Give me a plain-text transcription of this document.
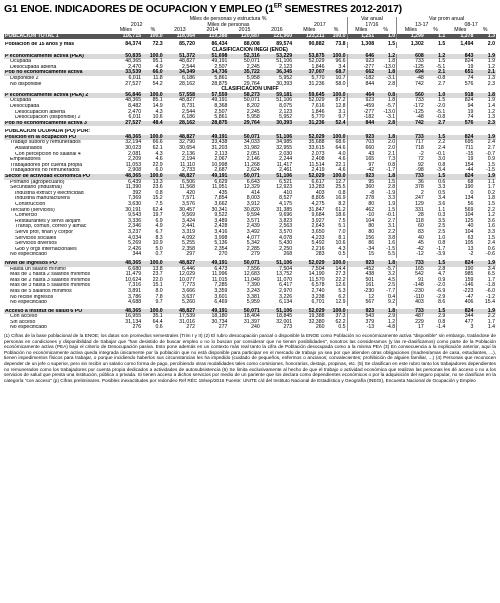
G1 ENOE. INDICADORES DE OCUPACION Y EMPLEO (1ER SEMESTRES 2012-2017)
	Miles de personas y estructura %								Var anual		Var prom anual			
	2012		Miles de personas				2017		17/16		13-17		08-17	
	Miles	%	2013	2014	2015	2016	Miles	%	Miles	%	Miles	%	Miles	%
POBLACION TOTAL 1	116,715	100.0	118,064	119,388	120,687	121,960	123,211	100.0	1,251	1.0	1,299	1.1	1,378	1.3

Población de 15 años y más	84,374	72.3	85,720	86,434	88,008	89,574	90,882	73.8	1,308	1.5	1,302	1.5	1,494	2.0
CLASIFICACION INEGI (ENOE)														
P económicamente activa (PEA)	50,835	100.0	51,372	51,698	52,316	53,229	53,875	100.0	646	1.2	608	1.2	843	1.9
Ocupada	48,365	95.1	48,827	49,191	50,071	51,106	52,029	96.6	923	1.8	733	1.5	824	1.9
Desocupada abierta	2,470	4.9	2,544	2,507	2,245	2,123	1,846	3.4	-277	-13.0	-125	-5.1	19	1.2
Pob no económicamente activa	33,539	66.0	34,349	34,736	35,722	36,345	37,007	68.7	662	1.8	694	2.1	651	2.1
Disponible 2	6,011	11.8	6,186	5,861	5,958	5,952	5,770	10.7	-182	-3.1	-48	-0.8	74	1.3
No disponible	27,527	54.2	28,162	28,875	29,764	30,393	31,236	58.0	844	2.8	742	2.7	576	2.3
CLASIFICACION UNIFF														
P económicamente activa (PEA) 2	56,846	100.0	57,558	57,559	58,273	59,181	59,645	100.0	464	0.8	560	1.0	918	1.8
Ocupada	48,365	85.1	48,827	49,191	50,071	51,106	52,029	87.2	923	1.8	733	1.5	824	1.9
Desocupada	8,482	14.9	8,731	8,368	8,202	8,075	7,616	12.8	-459	-5.7	-172	-2.0	94	1.4
Desocupación abierta	2,470	4.3	2,544	2,507	2,245	2,123	1,846	3.1	-277	-13.0	-125	-5.1	19	1.2
Desocupación (disponible) 2	6,011	10.6	6,186	5,861	5,958	5,952	5,770	9.7	-182	-3.1	-48	-0.8	74	1.3
Pob no económicamente activa 3	27,527	48.4	28,162	28,875	29,764	30,393	31,236	52.4	844	2.8	742	2.7	576	2.3

POBLACION OCUPADA (PO) POR:														
Posición en la ocupación PO	48,365	100.0	48,827	49,191	50,071	51,106	52,029	100.0	923	1.8	733	1.5	824	1.9
Trabajo subord y remunerados	32,194	66.6	32,790	33,438	34,033	34,985	35,688	68.6	703	2.0	717	2.2	695	2.4
Asalariados	30,023	62.1	30,654	31,203	31,982	32,955	33,615	64.6	660	2.0	718	2.4	711	2.7
Con percepción no salarial 4	2,081	4.3	2,136	2,113	2,051	2,030	2,073	4.0	43	2.1	-2	-0.1	-15	-0.7
Empleadores	2,209	4.6	2,194	2,067	2,146	2,244	2,408	4.6	165	7.3	72	3.0	19	0.9
Trabajadores por cuenta propia	11,053	22.9	11,110	10,998	11,268	11,417	11,514	22.1	97	0.8	92	0.8	154	1.5
Trabajadores no remunerados	2,908	6.0	2,733	2,687	2,624	2,461	2,419	4.6	-42	-1.7	-98	-3.4	-44	-1.5
Sector de actividad económica PO	48,365	100.0	48,827	49,191	50,071	51,106	52,029	100.0	923	1.8	733	1.5	824	1.9
Primario (agropecuario)	6,439	13.3	6,506	6,629	6,643	6,521	6,617	12.7	95	1.5	36	0.6	68	1.1
Secundario (industrial)	11,390	23.6	11,568	11,951	12,329	12,923	13,283	25.5	360	2.8	378	3.3	190	1.7
Industria extract y electricidad	392	0.8	420	435	414	410	403	0.8	-8	-1.9	2	0.5	0	0.2
Industria manufacturera	7,369	15.2	7,571	7,854	8,003	8,527	8,805	16.9	278	3.3	247	3.4	134	1.8
Construcción	3,630	7.5	3,576	3,662	3,912	4,175	4,275	8.2	80	1.9	129	3.6	56	1.5
Terciario (servicios)	30,191	62.4	30,457	30,341	30,820	31,385	31,847	61.2	462	1.5	331	1.1	569	2.2
Comercio	9,543	19.7	9,569	9,522	9,594	9,696	9,684	18.6	-10	-0.1	28	0.3	104	1.2
Restaurantes y servs alojam	3,336	6.9	3,424	3,489	3,571	3,823	3,927	7.5	104	2.7	118	3.5	125	3.6
Transp, comun, correo y almac	2,346	4.9	2,441	2,428	2,439	2,563	2,643	5.1	80	3.1	60	2.5	40	1.6
Servs prof, finan y corpor	3,237	6.7	3,319	3,416	3,492	3,570	3,650	7.0	80	2.2	83	2.5	104	3.3
Servicios sociales	4,034	8.3	4,092	3,998	4,077	4,078	4,233	8.1	156	3.8	40	1.0	63	1.5
Servicios diversos	5,269	10.9	5,255	5,136	5,342	5,430	5,492	10.6	86	1.6	45	0.8	105	2.4
Gob y orgs internacionales	2,426	5.0	2,358	2,354	2,285	2,250	2,216	4.3	-34	-1.5	-42	-1.7	13	0.6
No especificado	344	0.7	297	270	279	268	283	0.5	15	5.5	-12	-3.9	-2	-0.6

Nivel de ingresos PO	48,365	100.0	48,827	49,191	50,071	51,106	52,029	100.0	923	1.8	733	1.5	824	1.9
Hasta un salario mínimo	6,680	13.8	6,446	6,473	7,556	7,504	7,504	14.4	-452	-5.7	165	2.8	190	3.4
Más de 1 hasta 2 salarios mínimos	11,479	23.7	12,029	11,996	12,683	13,752	14,190	27.3	438	3.2	542	4.7	985	6.5
Más de 2 hasta 3 salarios mínimos	10,624	22.0	10,077	11,015	11,049	11,070	11,570	22.2	501	4.5	91	0.9	159	1.7
Más de 3 hasta 5 salarios mínimos	7,316	15.1	7,773	7,285	7,390	6,417	6,578	12.6	161	2.5	-148	-2.0	-146	-1.8
Más de 5 salarios mínimos	3,891	8.0	3,666	3,359	3,243	2,970	2,740	5.3	-230	-7.7	-230	-6.9	-223	-6.0
No recibe ingresos	3,786	7.8	3,637	3,601	3,381	3,226	3,238	6.2	12	0.4	-110	-2.9	-47	-1.2
No especificado	4,688	9.7	5,260	6,469	5,959	6,134	6,701	12.9	567	9.2	403	8.6	406	15.4

Acceso a institut de salud 6 PO	48,365	100.0	48,827	49,191	50,071	51,106	52,029	100.0	923	1.8	733	1.5	824	1.9
Con acceso	16,955	35.1	17,539	18,180	18,404	18,845	19,388	37.3	543	2.9	487	2.9	344	2.2
Sin acceso	31,134	64.4	31,016	30,734	31,397	32,001	32,380	62.2	379	1.2	229	0.8	477	1.7
No especificado	276	0.6	272	277	240	273	260	0.5	-13	-4.8	17	-1.4	3	1.4
(1) Cifras de la base poblacional de la ENOE; los datos son promedios semestrales (Trim I y II) (2) El rubro desocupación parcial o disponible la ENOE como Población no económicamente activa "disponible" sin embargo, tratándose de personas en condiciones y disponibilidad de trabajar que "han desistido de buscar empleo o no lo buscan por considerar que no tienen posibilidades", nosotros las consideramos (y las re-clasificamos) como parte de la Población económicamente activa (PEA) bajo el criterio de Desocupación pasiva. Esto pone además en un contexto más real tanto la cifra de Población desocupada como a la misma PEA (3) En consecuencia a la explicación anterior, aquí la Población no económicamente activa queda integrada únicamente por la población que no está disponible para participar en el mercado de trabajo ya sea por que atienden otras obligaciones (madres/amas de casa, estudiantes, ...), tienen impedimentos físicos para trabajar, o porque incidiendo haberlos sus circunstancias les ha impedido (cuidado de pequeños, enfermos o ancianos; convalecientes; prohibición de alguien familiar, ...) (4) Personas que reconocen depender de un jefe o superior, pero sin recibir un salario como forma de pago, percibiendo otras modalidades tales como comisiones, honorarios, destajo, propinas, etc. (5) Se clasifican en este rubro tanto los trabajadores dependientes no remunerados como los trabajadores por cuenta propia dedicados a actividades de autosubsistencia (6) Se limita exclusivamente al hecho de que el trabajo o actividad económica que realizan las personas les dé acceso o no a los servicios de salud que presta una institución, pública o privada. Si tienen acceso a dichos servicios por medio de un pariente que los declara como dependientes económicos o por la adquisición del seguro popular, no se clasifican en la categoría "con acceso" (p) Cifras preliminares. Posibles inexactitudes por redondeo Ref RÉC 19/sep/2016 Fuente: UNITE c/d del Instituto Nacional de Estadística y Geografía (INEGI), Encuesta Nacional de Ocupación y Empleo
